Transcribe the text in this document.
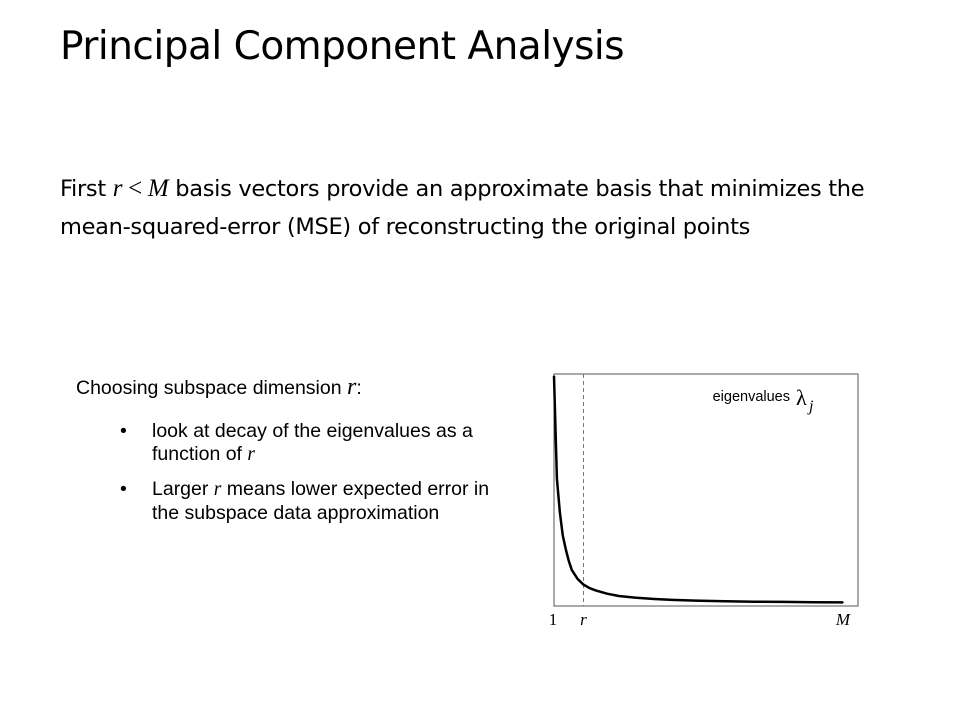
Principal Component Analysis

First r < M basis vectors provide an approximate basis that minimizes the mean-squared-error (MSE) of reconstructing the original points

Choosing subspace dimension r:

• look at decay of the eigenvalues as a function of r
• Larger r means lower expected error in the subspace data approximation
eigenvalues λ j
1 r	M
